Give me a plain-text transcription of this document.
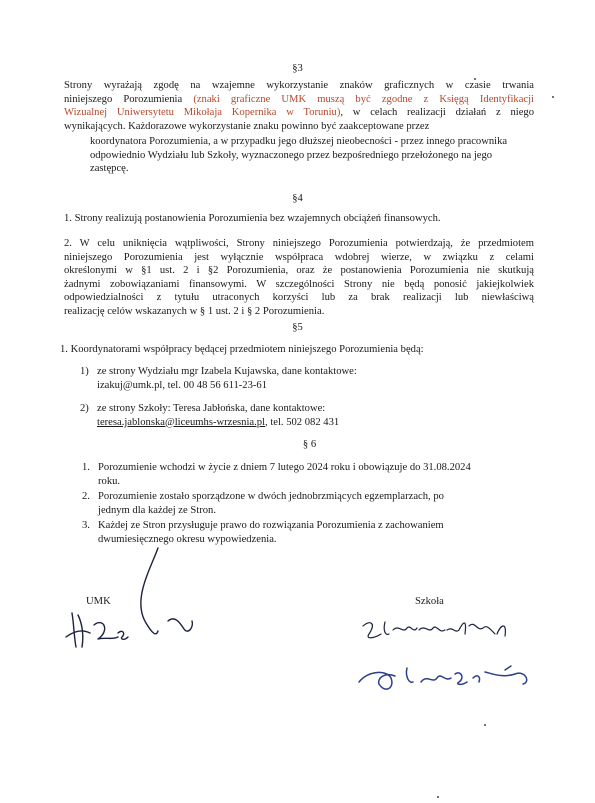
§3
Strony wyrażają zgodę na wzajemne wykorzystanie znaków graficznych w czasie trwania
niniejszego Porozumienia (znaki graficzne UMK muszą być zgodne z Księgą Identyfikacji
Wizualnej Uniwersytetu Mikołaja Kopernika w Toruniu), w celach realizacji działań z niego
wynikających. Każdorazowe wykorzystanie znaku powinno być zaakceptowane przez
koordynatora Porozumienia, a w przypadku jego dłuższej nieobecności - przez innego pracownika
odpowiednio Wydziału lub Szkoły, wyznaczonego przez bezpośredniego przełożonego na jego
zastępcę.
§4
1. Strony realizują postanowienia Porozumienia bez wzajemnych obciążeń finansowych.
2. W celu uniknięcia wątpliwości, Strony niniejszego Porozumienia potwierdzają, że przedmiotem
niniejszego Porozumienia jest wyłącznie współpraca wdobrej wierze, w związku z celami
określonymi w §1 ust. 2 i §2 Porozumienia, oraz że postanowienia Porozumienia nie skutkują
żadnymi zobowiązaniami finansowymi. W szczególności Strony nie będą ponosić jakiejkolwiek
odpowiedzialności z tytułu utraconych korzyści lub za brak realizacji lub niewłaściwą
realizację celów wskazanych w § 1 ust. 2 i § 2 Porozumienia.
§5
1. Koordynatorami współpracy będącej przedmiotem niniejszego Porozumienia będą:
1) ze strony Wydziału mgr Izabela Kujawska, dane kontaktowe:
izakuj@umk.pl, tel. 00 48 56 611-23-61
2) ze strony Szkoły: Teresa Jabłońska, dane kontaktowe:
teresa.jablonska@liceumhs-wrzesnia.pl, tel. 502 082 431
§ 6
1. Porozumienie wchodzi w życie z dniem 7 lutego 2024 roku i obowiązuje do 31.08.2024
roku.
2. Porozumienie zostało sporządzone w dwóch jednobrzmiących egzemplarzach, po
jednym dla każdej ze Stron.
3. Każdej ze Stron przysługuje prawo do rozwiązania Porozumienia z zachowaniem
dwumiesięcznego okresu wypowiedzenia.
UMK	Szkoła
